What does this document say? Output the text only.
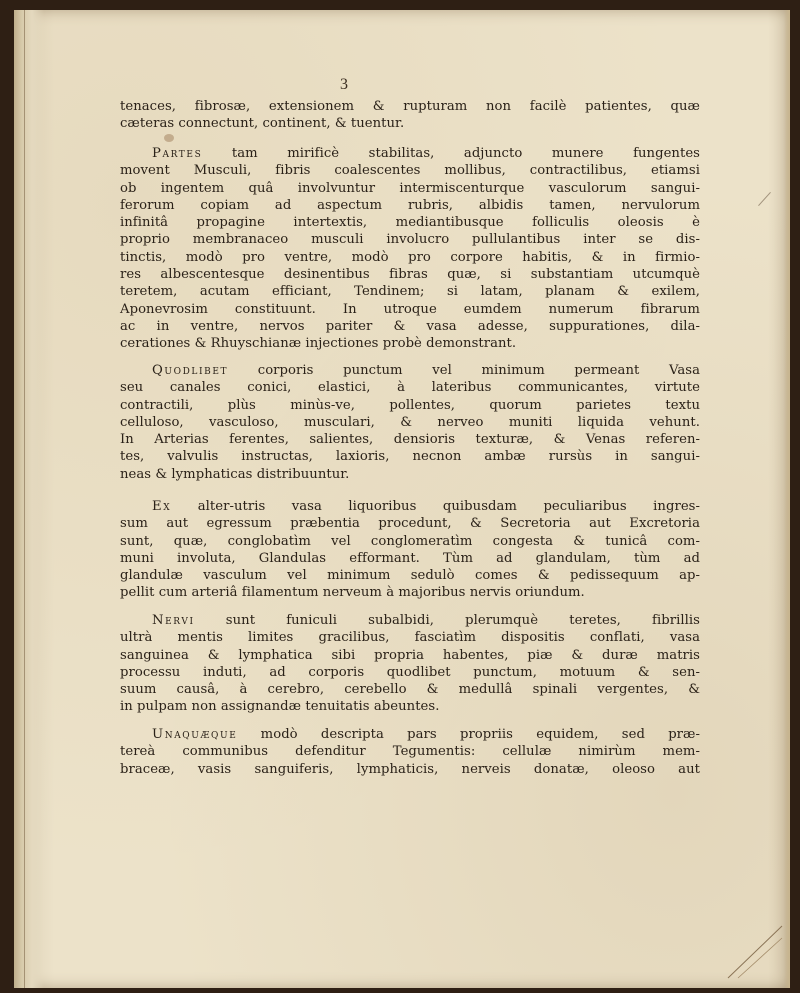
3
tenaces, fibrosæ, extensionem & rupturam non facilè patientes, quæ
cæteras connectunt, continent, & tuentur.
Partes tam mirificè stabilitas, adjuncto munere fungentes
movent Musculi, fibris coalescentes mollibus, contractilibus, etiamsi
ob ingentem quâ involvuntur intermiscenturque vasculorum sangui-
ferorum copiam ad aspectum rubris, albidis tamen, nervulorum
infinitâ propagine intertextis, mediantibusque folliculis oleosis è
proprio membranaceo musculi involucro pullulantibus inter se dis-
tinctis, modò pro ventre, modò pro corpore habitis, & in firmio-
res albescentesque desinentibus fibras quæ, si substantiam utcumquè
teretem, acutam efficiant, Tendinem; si latam, planam & exilem,
Aponevrosim constituunt. In utroque eumdem numerum fibrarum
ac in ventre, nervos pariter & vasa adesse, suppurationes, dila-
cerationes & Rhuyschianæ injectiones probè demonstrant.
Quodlibet corporis punctum vel minimum permeant Vasa
seu canales conici, elastici, à lateribus communicantes, virtute
contractili, plùs minùs-ve, pollentes, quorum parietes textu
celluloso, vasculoso, musculari, & nerveo muniti liquida vehunt.
In Arterias ferentes, salientes, densioris texturæ, & Venas referen-
tes, valvulis instructas, laxioris, necnon ambæ rursùs in sangui-
neas & lymphaticas distribuuntur.
Ex alter-utris vasa liquoribus quibusdam peculiaribus ingres-
sum aut egressum præbentia procedunt, & Secretoria aut Excretoria
sunt, quæ, conglobatìm vel conglomeratìm congesta & tunicâ com-
muni involuta, Glandulas efformant. Tùm ad glandulam, tùm ad
glandulæ vasculum vel minimum sedulò comes & pedissequum ap-
pellit cum arteriâ filamentum nerveum à majoribus nervis oriundum.
Nervi sunt funiculi subalbidi, plerumquè teretes, fibrillis
ultrà mentis limites gracilibus, fasciatìm dispositis conflati, vasa
sanguinea & lymphatica sibi propria habentes, piæ & duræ matris
processu induti, ad corporis quodlibet punctum, motuum & sen-
suum causâ, à cerebro, cerebello & medullâ spinali vergentes, &
in pulpam non assignandæ tenuitatis abeuntes.
Unaquæque modò descripta pars propriis equidem, sed præ-
tereà communibus defenditur Tegumentis: cellulæ nimirùm mem-
braceæ, vasis sanguiferis, lymphaticis, nerveis donatæ, oleoso aut
